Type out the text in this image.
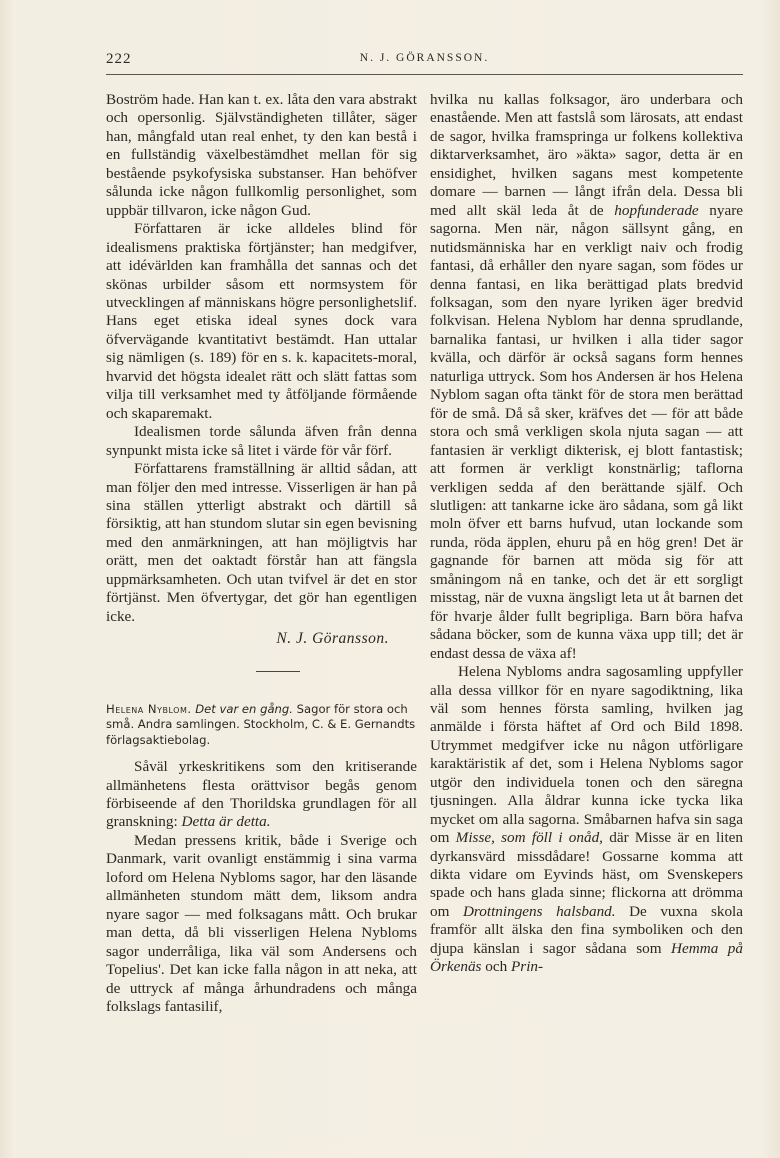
222	N. J. GÖRANSSON.

Boström hade. Han kan t. ex. låta den vara abstrakt och opersonlig. Självständigheten tillåter, säger han, mångfald utan real enhet, ty den kan bestå i en fullständig växelbestämdhet mellan för sig bestående psykofysiska substanser. Han behöfver sålunda icke någon fullkomlig personlighet, som uppbär tillvaron, icke någon Gud.

Författaren är icke alldeles blind för idealismens praktiska förtjänster; han medgifver, att idévärlden kan framhålla det sannas och det skönas urbilder såsom ett normsystem för utvecklingen af människans högre personlighetslif. Hans eget etiska ideal synes dock vara öfvervägande kvantitativt bestämdt. Han uttalar sig nämligen (s. 189) för en s. k. kapacitets-moral, hvarvid det högsta idealet rätt och slätt fattas som vilja till verksamhet med ty åtföljande förmående och skaparemakt.

Idealismen torde sålunda äfven från denna synpunkt mista icke så litet i värde för vår förf.

Författarens framställning är alltid sådan, att man följer den med intresse. Visserligen är han på sina ställen ytterligt abstrakt och därtill så försiktig, att han stundom slutar sin egen bevisning med den anmärkningen, att han möjligtvis har orätt, men det oaktadt förstår han att fängsla uppmärksamheten. Och utan tvifvel är det en stor förtjänst. Men öfvertygar, det gör han egentligen icke.

N. J. Göransson.

Helena Nyblom. Det var en gång. Sagor för stora och små. Andra samlingen. Stockholm, C. & E. Gernandts förlagsaktiebolag.

Såväl yrkeskritikens som den kritiserande allmänhetens flesta orättvisor begås genom förbiseende af den Thorildska grundlagen för all granskning: Detta är detta.

Medan pressens kritik, både i Sverige och Danmark, varit ovanligt enstämmig i sina varma loford om Helena Nybloms sagor, har den läsande allmänheten stundom mätt dem, liksom andra nyare sagor — med folksagans mått. Och brukar man detta, då bli visserligen Helena Nybloms sagor underråliga, lika väl som Andersens och Topelius'. Det kan icke falla någon in att neka, att de uttryck af många århundradens och många folkslags fantasilif,

hvilka nu kallas folksagor, äro underbara och enastående. Men att fastslå som lärosats, att endast de sagor, hvilka framspringa ur folkens kollektiva diktarverksamhet, äro »äkta» sagor, detta är en ensidighet, hvilken sagans mest kompetente domare — barnen — långt ifrån dela. Dessa bli med allt skäl leda åt de hopfunderade nyare sagorna. Men när, någon sällsynt gång, en nutidsmänniska har en verkligt naiv och frodig fantasi, då erhåller den nyare sagan, som födes ur denna fantasi, en lika berättigad plats bredvid folksagan, som den nyare lyriken äger bredvid folkvisan. Helena Nyblom har denna sprudlande, barnalika fantasi, ur hvilken i alla tider sagor kvälla, och därför är också sagans form hennes naturliga uttryck. Som hos Andersen är hos Helena Nyblom sagan ofta tänkt för de stora men berättad för de små. Då så sker, kräfves det — för att både stora och små verkligen skola njuta sagan — att fantasien är verkligt dikterisk, ej blott fantastisk; att formen är verkligt konstnärlig; taflorna verkligen sedda af den berättande själf. Och slutligen: att tankarne icke äro sådana, som gå likt moln öfver ett barns hufvud, utan lockande som runda, röda äpplen, ehuru på en hög gren! Det är gagnande för barnen att möda sig för att småningom nå en tanke, och det är ett sorgligt misstag, när de vuxna ängsligt leta ut åt barnen det för hvarje ålder fullt begripliga. Barn böra hafva sådana böcker, som de kunna växa upp till; det är endast dessa de växa af!

Helena Nybloms andra sagosamling uppfyller alla dessa villkor för en nyare sagodiktning, lika väl som hennes första samling, hvilken jag anmälde i första häftet af Ord och Bild 1898. Utrymmet medgifver icke nu någon utförligare karaktäristik af det, som i Helena Nybloms sagor utgör den individuela tonen och den säregna tjusningen. Alla åldrar kunna icke tycka lika mycket om alla sagorna. Småbarnen hafva sin saga om Misse, som föll i onåd, där Misse är en liten dyrkansvärd missdådare! Gossarne komma att dikta vidare om Eyvinds häst, om Svenskepers spade och hans glada sinne; flickorna att drömma om Drottningens halsband. De vuxna skola framför allt älska den fina symboliken och den djupa känslan i sagor sådana som Hemma på Örkenäs och Prin-
